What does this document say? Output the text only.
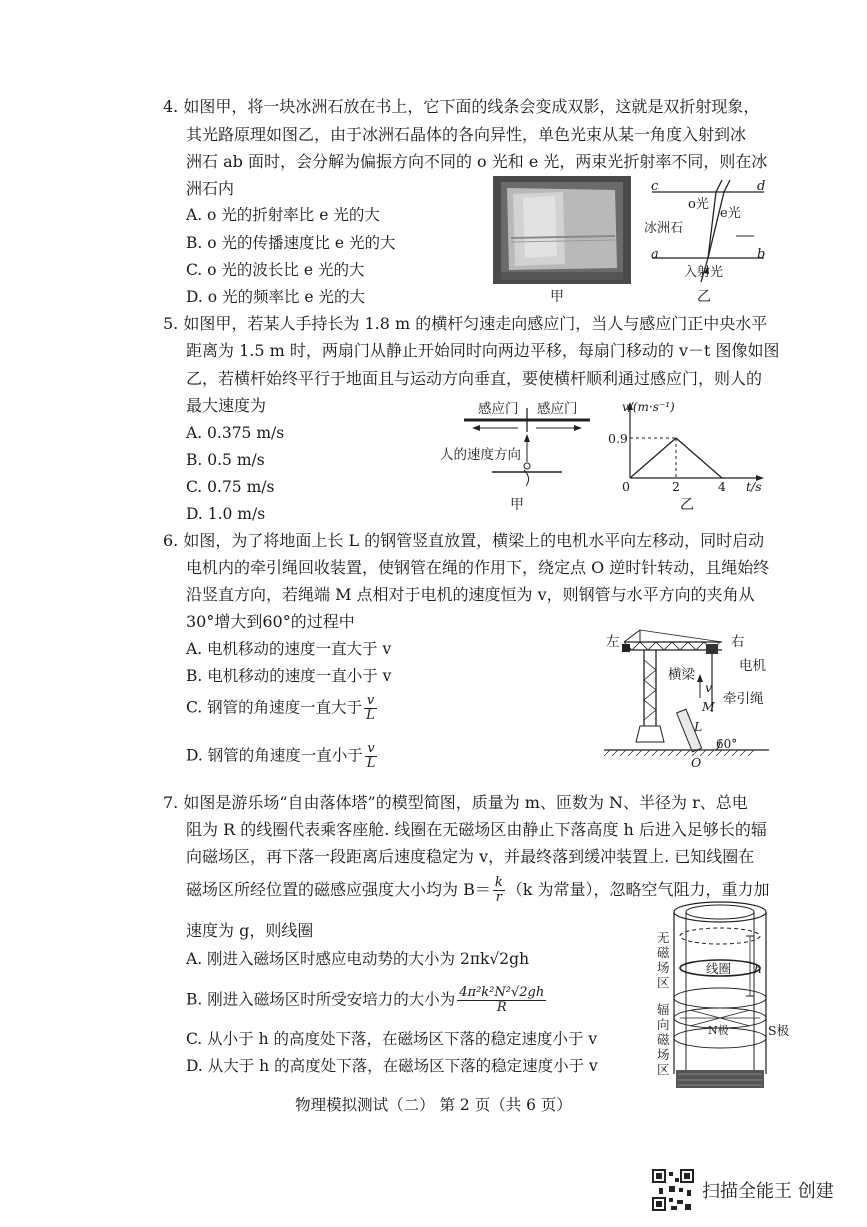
4. 如图甲，将一块冰洲石放在书上，它下面的线条会变成双影，这就是双折射现象，
其光路原理如图乙，由于冰洲石晶体的各向异性，单色光束从某一角度入射到冰
洲石 ab 面时，会分解为偏振方向不同的 o 光和 e 光，两束光折射率不同，则在冰
洲石内
A. o 光的折射率比 e 光的大
B. o 光的传播速度比 e 光的大
C. o 光的波长比 e 光的大
D. o 光的频率比 e 光的大	甲
c	d
a	b
o光
e光
冰洲石
入射光
乙
5. 如图甲，若某人手持长为 1.8 m 的横杆匀速走向感应门，当人与感应门正中央水平
距离为 1.5 m 时，两扇门从静止开始同时向两边平移，每扇门移动的 v－t 图像如图
乙，若横杆始终平行于地面且与运动方向垂直，要使横杆顺利通过感应门，则人的
最大速度为
A. 0.375 m/s
B. 0.5 m/s
C. 0.75 m/s
D. 1.0 m/s
感应门 感应门
人的速度方向
甲
v/(m·s⁻¹)
0.9
0	2	4 t/s
乙
6. 如图，为了将地面上长 L 的钢管竖直放置，横梁上的电机水平向左移动，同时启动
电机内的牵引绳回收装置，使钢管在绳的作用下，绕定点 O 逆时针转动，且绳始终
沿竖直方向，若绳端 M 点相对于电机的速度恒为 v，则钢管与水平方向的夹角从
30°增大到60°的过程中
A. 电机移动的速度一直大于 v
B. 电机移动的速度一直小于 v
C. 钢管的角速度一直大于 $\frac{v}{L}$
D. 钢管的角速度一直小于 $\frac{v}{L}$
左	右
电机
横梁
v
牵引绳
M
L
60°
O
7. 如图是游乐场“自由落体塔”的模型简图，质量为 m、匝数为 N、半径为 r、总电
阻为 R 的线圈代表乘客座舱. 线圈在无磁场区由静止下落高度 h 后进入足够长的辐
向磁场区，再下落一段距离后速度稳定为 v，并最终落到缓冲装置上. 已知线圈在
磁场区所经位置的磁感应强度大小均为 $B= \frac{k}{r} (k$ 为常量），忽略空气阻力，重力加
速度为 g，则线圈
A. 刚进入磁场区时感应电动势的大小为 2πk√2gh
B. 刚进入磁场区时所受安培力的大小为 $\frac{\text{4π²k²N²√2gh}}{R}$
C. 从小于 h 的高度处下落，在磁场区下落的稳定速度小于 v
D. 从大于 h 的高度处下落，在磁场区下落的稳定速度小于 v
无磁场区
线圈 h
辐向磁场区
N极	S极
物理模拟测试（二） 第 2 页（共 6 页）
扫描全能王 创建
